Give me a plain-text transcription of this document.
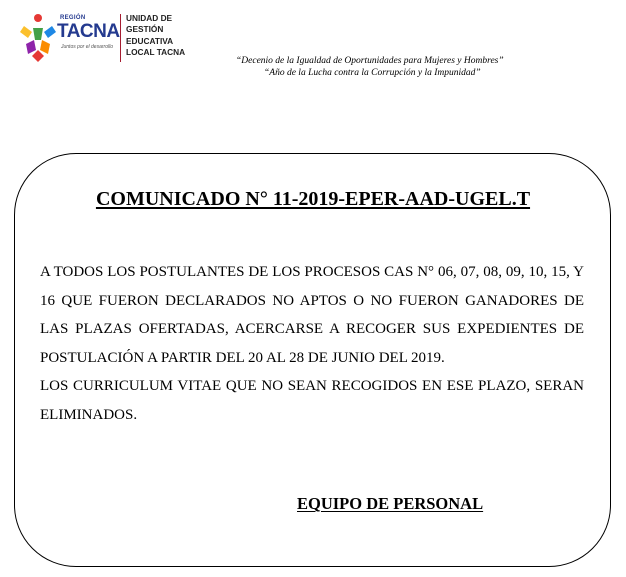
REGIÓN
TACNA
Juntos por el desarrollo
UNIDAD DE
GESTIÓN
EDUCATIVA
LOCAL TACNA
“Decenio de la Igualdad de Oportunidades para Mujeres y Hombres”
“Año de la Lucha contra la Corrupción y la Impunidad”
COMUNICADO N° 11-2019-EPER-AAD-UGEL.T

A TODOS LOS POSTULANTES DE LOS PROCESOS CAS N° 06, 07, 08, 09, 10, 15, Y 16 QUE FUERON DECLARADOS NO APTOS O NO FUERON GANADORES DE LAS PLAZAS OFERTADAS, ACERCARSE A RECOGER SUS EXPEDIENTES DE POSTULACIÓN A PARTIR DEL 20 AL 28 DE JUNIO DEL 2019.

LOS CURRICULUM VITAE QUE NO SEAN RECOGIDOS EN ESE PLAZO, SERAN ELIMINADOS.

EQUIPO DE PERSONAL
